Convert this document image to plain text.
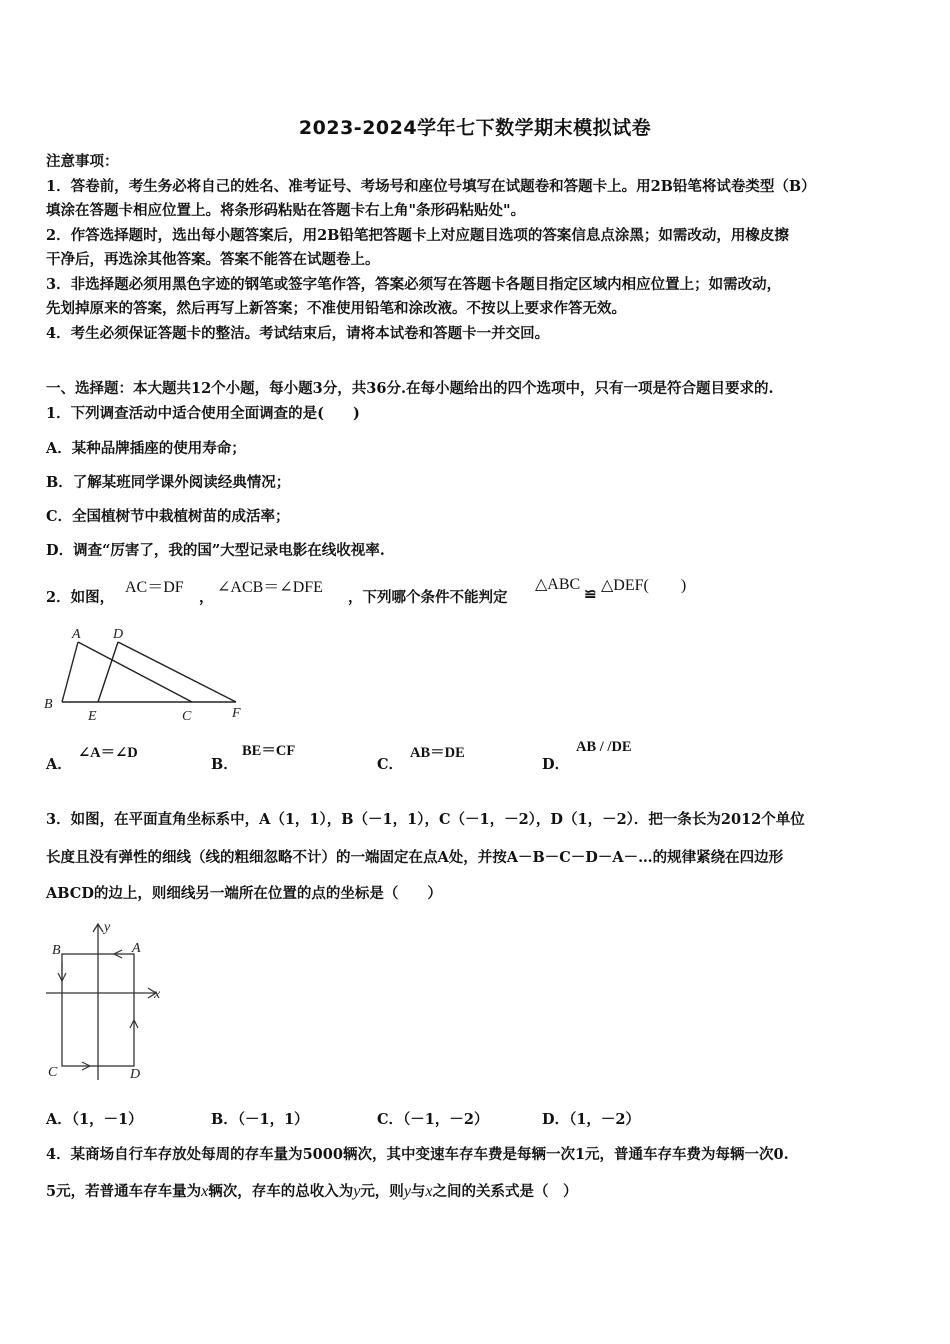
2023-2024学年七下数学期末模拟试卷
注意事项：
1．答卷前，考生务必将自己的姓名、准考证号、考场号和座位号填写在试题卷和答题卡上。用2B铅笔将试卷类型（B）
填涂在答题卡相应位置上。将条形码粘贴在答题卡右上角"条形码粘贴处"。
2．作答选择题时，选出每小题答案后，用2B铅笔把答题卡上对应题目选项的答案信息点涂黑；如需改动，用橡皮擦
干净后，再选涂其他答案。答案不能答在试题卷上。
3．非选择题必须用黑色字迹的钢笔或签字笔作答，答案必须写在答题卡各题目指定区域内相应位置上；如需改动，
先划掉原来的答案，然后再写上新答案；不准使用铅笔和涂改液。不按以上要求作答无效。
4．考生必须保证答题卡的整洁。考试结束后，请将本试卷和答题卡一并交回。
一、选择题：本大题共12个小题，每小题3分，共36分.在每小题给出的四个选项中，只有一项是符合题目要求的.
1．下列调查活动中适合使用全面调查的是(　　)
A．某种品牌插座的使用寿命；
B．了解某班同学课外阅读经典情况；
C．全国植树节中栽植树苗的成活率；
D．调查“厉害了，我的国”大型记录电影在线收视率.
2．如图，
AC＝DF
，
∠ACB＝∠DFE
，下列哪个条件不能判定
△ABC
≌ △DEF(　　)
A D
B
E	C	F
A．
∠A＝∠D
B．
BE＝CF
C．
AB＝DE
D．
AB / /DE
3．如图，在平面直角坐标系中，A（1，1），B（－1，1），C（－1，－2），D（1，－2）．把一条长为2012个单位
长度且没有弹性的细线（线的粗细忽略不计）的一端固定在点A处，并按A－B－C－D－A－…的规律紧绕在四边形
ABCD的边上，则细线另一端所在位置的点的坐标是（　　）
y
B	A
x
C	D
A．（1，－1）	B．（－1，1）	C．（－1，－2）	D．（1，－2）
4．某商场自行车存放处每周的存车量为5000辆次，其中变速车存车费是每辆一次1元，普通车存车费为每辆一次0.
5元，若普通车存车量为x辆次，存车的总收入为y元，则y与x之间的关系式是（　）
